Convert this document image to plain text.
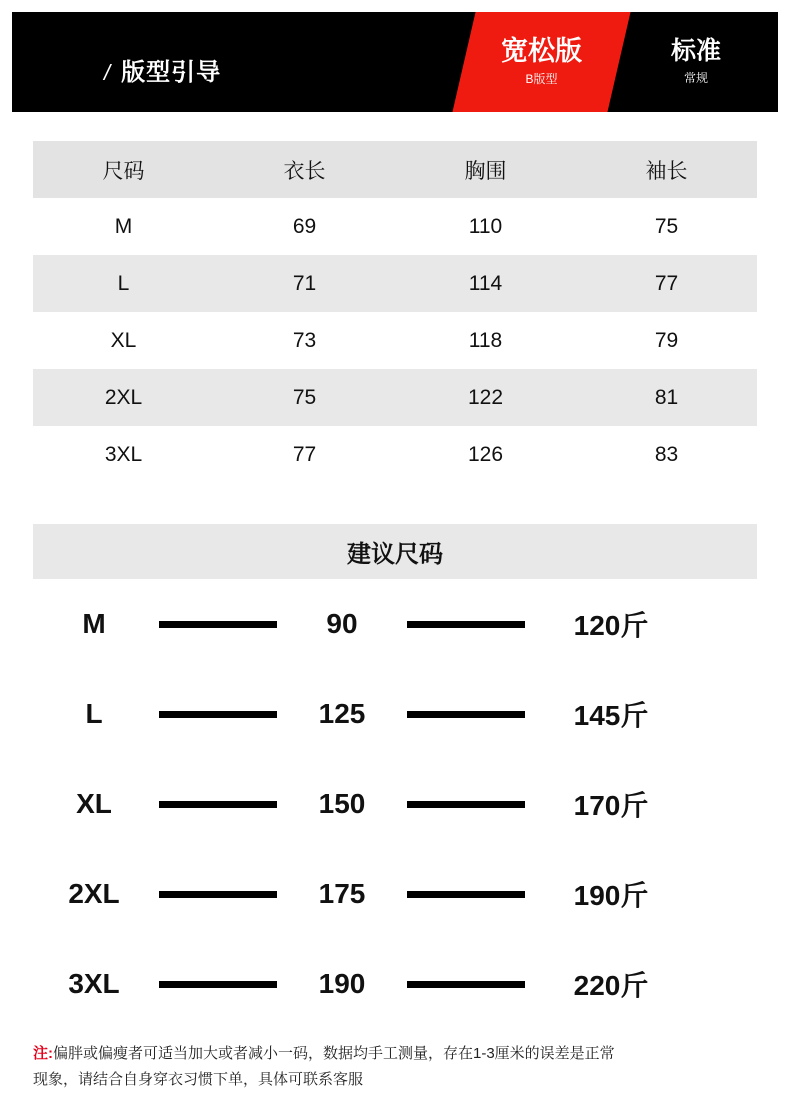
/ 版型引导
宽松版
B版型
标准
常规
尺码	衣长	胸围	袖长
M	69	110	75
L	71	114	77
XL	73	118	79
2XL	75	122	81
3XL	77	126	83
建议尺码
M	90	120斤
L	125	145斤
XL	150	170斤
2XL	175	190斤
3XL	190	220斤
注:偏胖或偏瘦者可适当加大或者减小一码，数据均手工测量，存在1-3厘米的误差是正常
现象，请结合自身穿衣习惯下单，具体可联系客服
